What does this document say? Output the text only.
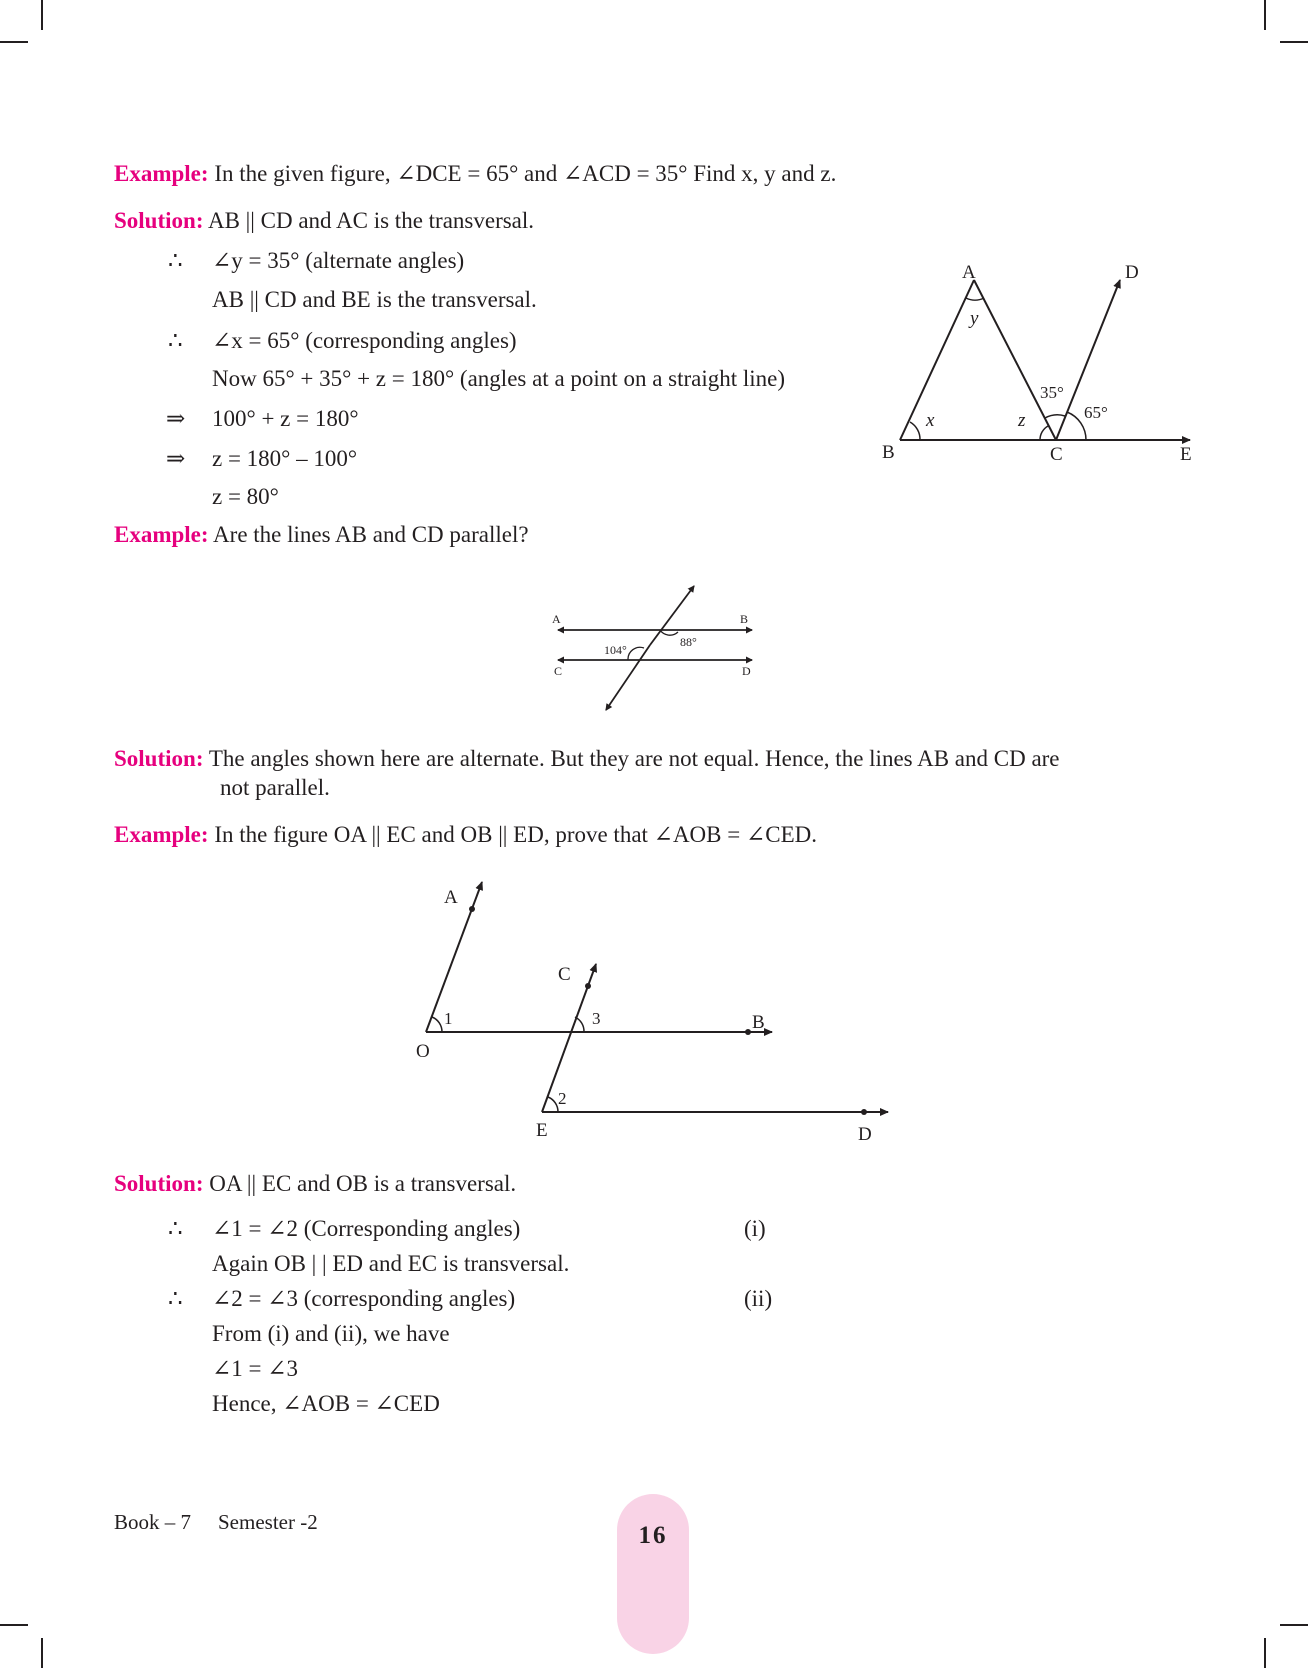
Example: In the given figure, ∠DCE = 65° and ∠ACD = 35° Find x, y and z.
Solution: AB || CD and AC is the transversal.
∴ ∠y = 35° (alternate angles)
AB || CD and BE is the transversal.
∴ ∠x = 65° (corresponding angles)
Now 65° + 35° + z = 180° (angles at a point on a straight line)
⇒ 100° + z = 180°
⇒ z = 180° – 100°
z = 80°
A	D
B	C	E
x
y
z
35°
65°
Example: Are the lines AB and CD parallel?
A	B
C	D
104°
88°
Solution: The angles shown here are alternate. But they are not equal. Hence, the lines AB and CD are
not parallel.
Example: In the figure OA || EC and OB || ED, prove that ∠AOB = ∠CED.
A
O
C
B
E	D
1	3
2
Solution: OA || EC and OB is a transversal.
∴ ∠1 = ∠2 (Corresponding angles)	(i)
Again OB | | ED and EC is transversal.
∴ ∠2 = ∠3 (corresponding angles)	(ii)
From (i) and (ii), we have
∠1 = ∠3
Hence, ∠AOB = ∠CED
Book – 7 Semester -2	16
